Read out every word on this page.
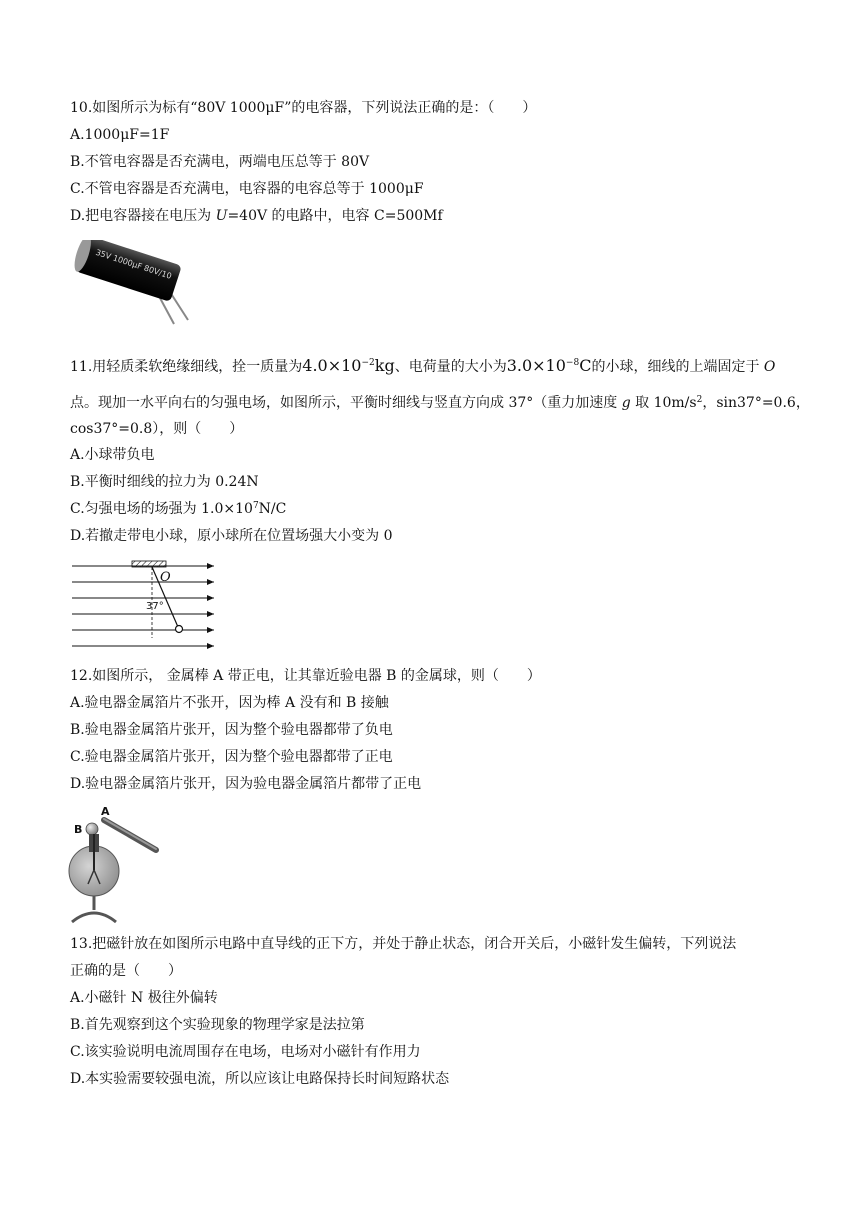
10.如图所示为标有“80V 1000μF”的电容器，下列说法正确的是：（　　）
A.1000μF=1F
B.不管电容器是否充满电，两端电压总等于 80V
C.不管电容器是否充满电，电容器的电容总等于 1000μF
D.把电容器接在电压为 U=40V 的电路中，电容 C=500Mf
35V 1000μF 80V/10
11.用轻质柔软绝缘细线，拴一质量为$4.0\times 10^{-2}kg$、电荷量的大小为$3.0\times 10^{-8}C$的小球，细线的上端固定于 O
点。现加一水平向右的匀强电场，如图所示，平衡时细线与竖直方向成 37°（重力加速度 g 取 $10m/s^2$，sin37°=0.6，
cos37°=0.8），则（　　）
A.小球带负电
B.平衡时细线的拉力为 0.24N
C.匀强电场的场强为 $1.0\times 10^7N/C$
D.若撤走带电小球，原小球所在位置场强大小变为 0
O
37°
12.如图所示， 金属棒 A 带正电，让其靠近验电器 B 的金属球，则（　　）
A.验电器金属箔片不张开，因为棒 A 没有和 B 接触
B.验电器金属箔片张开，因为整个验电器都带了负电
C.验电器金属箔片张开，因为整个验电器都带了正电
D.验电器金属箔片张开，因为验电器金属箔片都带了正电
A
B
13.把磁针放在如图所示电路中直导线的正下方，并处于静止状态，闭合开关后，小磁针发生偏转，下列说法
正确的是（　　）
A.小磁针 N 极往外偏转
B.首先观察到这个实验现象的物理学家是法拉第
C.该实验说明电流周围存在电场，电场对小磁针有作用力
D.本实验需要较强电流，所以应该让电路保持长时间短路状态
